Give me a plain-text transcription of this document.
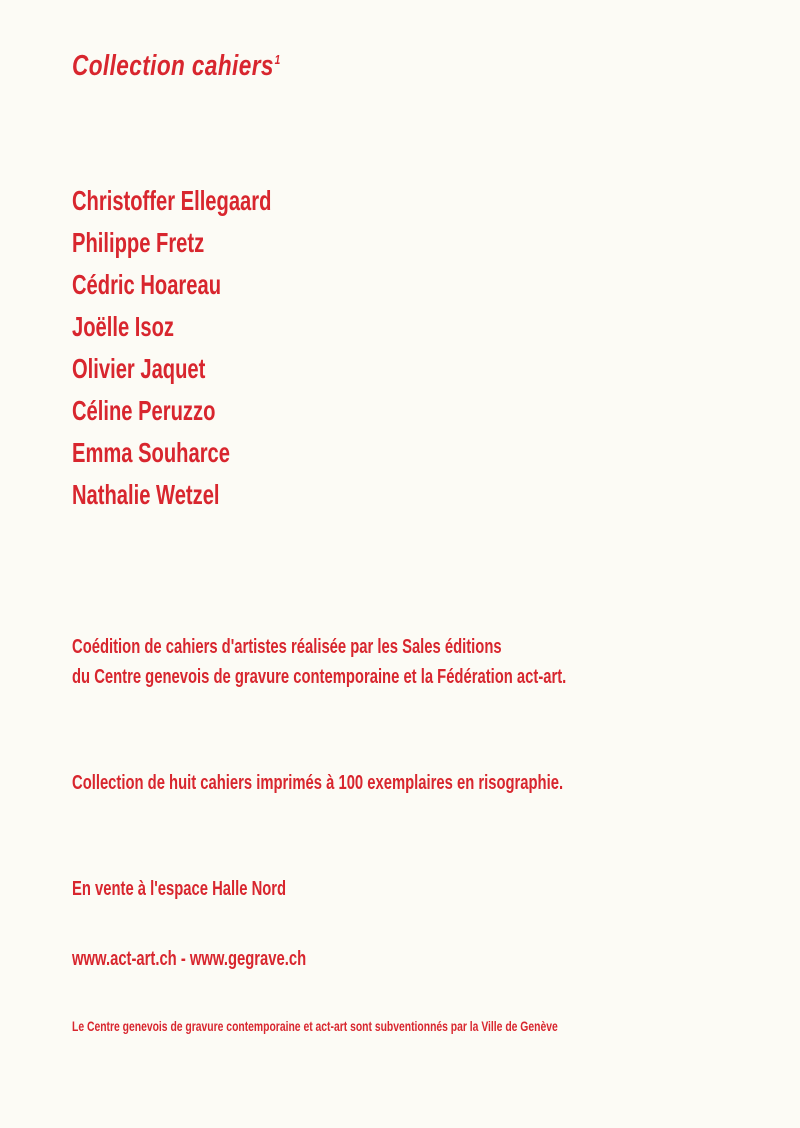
Collection cahiers$^1$
Christoffer Ellegaard
Philippe Fretz
Cédric Hoareau
Joëlle Isoz
Olivier Jaquet
Céline Peruzzo
Emma Souharce
Nathalie Wetzel
Coédition de cahiers d'artistes réalisée par les Sales éditions
du Centre genevois de gravure contemporaine et la Fédération act-art.
Collection de huit cahiers imprimés à 100 exemplaires en risographie.
En vente à l'espace Halle Nord
www.act-art.ch - www.gegrave.ch
Le Centre genevois de gravure contemporaine et act-art sont subventionnés par la Ville de Genève
